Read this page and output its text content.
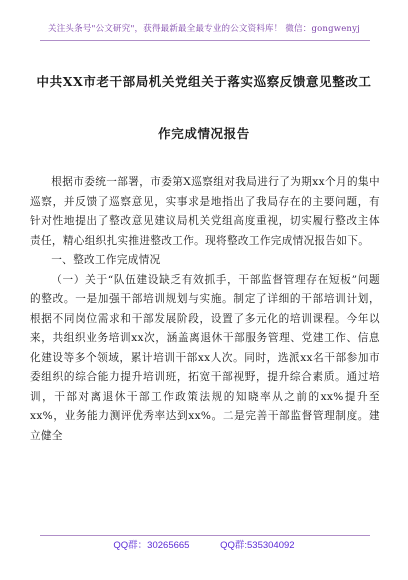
关注头条号"公文研究"，获得最新最全最专业的公文资料库！ 微信：gongwenyj
中共XX市老干部局机关党组关于落实巡察反馈意见整改工
作完成情况报告

根据市委统一部署，市委第X巡察组对我局进行了为期xx个月的集中巡察，并反馈了巡察意见，实事求是地指出了我局存在的主要问题，有针对性地提出了整改意见建议局机关党组高度重视，切实履行整改主体责任，精心组织扎实推进整改工作。现将整改工作完成情况报告如下。

一、整改工作完成情况

（一）关于“队伍建设缺乏有效抓手，干部监督管理存在短板”问题的整改。一是加强干部培训规划与实施。制定了详细的干部培训计划，根据不同岗位需求和干部发展阶段，设置了多元化的培训课程。今年以来，共组织业务培训xx次，涵盖离退休干部服务管理、党建工作、信息化建设等多个领域，累计培训干部xx人次。同时，选派xx名干部参加市委组织的综合能力提升培训班，拓宽干部视野，提升综合素质。通过培训，干部对离退休干部工作政策法规的知晓率从之前的xx%提升至xx%，业务能力测评优秀率达到xx%。二是完善干部监督管理制度。建立健全

QQ群：30265665	QQ群:535304092
